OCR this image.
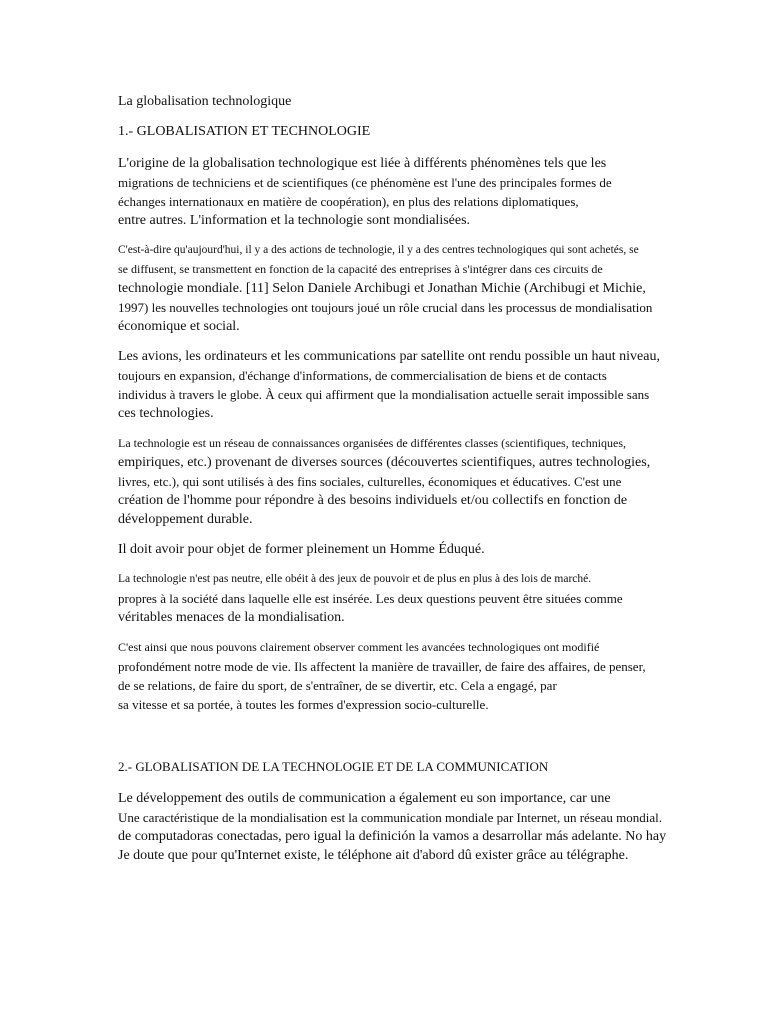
La globalisation technologique
1.- GLOBALISATION ET TECHNOLOGIE
L'origine de la globalisation technologique est liée à différents phénomènes tels que les
migrations de techniciens et de scientifiques (ce phénomène est l'une des principales formes de
échanges internationaux en matière de coopération), en plus des relations diplomatiques,
entre autres. L'information et la technologie sont mondialisées.
C'est-à-dire qu'aujourd'hui, il y a des actions de technologie, il y a des centres technologiques qui sont achetés, se
se diffusent, se transmettent en fonction de la capacité des entreprises à s'intégrer dans ces circuits de
technologie mondiale. [11] Selon Daniele Archibugi et Jonathan Michie (Archibugi et Michie,
1997) les nouvelles technologies ont toujours joué un rôle crucial dans les processus de mondialisation
économique et social.
Les avions, les ordinateurs et les communications par satellite ont rendu possible un haut niveau,
toujours en expansion, d'échange d'informations, de commercialisation de biens et de contacts
individus à travers le globe. À ceux qui affirment que la mondialisation actuelle serait impossible sans
ces technologies.
La technologie est un réseau de connaissances organisées de différentes classes (scientifiques, techniques,
empiriques, etc.) provenant de diverses sources (découvertes scientifiques, autres technologies,
livres, etc.), qui sont utilisés à des fins sociales, culturelles, économiques et éducatives. C'est une
création de l'homme pour répondre à des besoins individuels et/ou collectifs en fonction de
développement durable.
Il doit avoir pour objet de former pleinement un Homme Éduqué.
La technologie n'est pas neutre, elle obéit à des jeux de pouvoir et de plus en plus à des lois de marché.
propres à la société dans laquelle elle est insérée. Les deux questions peuvent être situées comme
véritables menaces de la mondialisation.
C'est ainsi que nous pouvons clairement observer comment les avancées technologiques ont modifié
profondément notre mode de vie. Ils affectent la manière de travailler, de faire des affaires, de penser,
de se relations, de faire du sport, de s'entraîner, de se divertir, etc. Cela a engagé, par
sa vitesse et sa portée, à toutes les formes d'expression socio-culturelle.
2.- GLOBALISATION DE LA TECHNOLOGIE ET DE LA COMMUNICATION
Le développement des outils de communication a également eu son importance, car une
Une caractéristique de la mondialisation est la communication mondiale par Internet, un réseau mondial.
de computadoras conectadas, pero igual la definición la vamos a desarrollar más adelante. No hay
Je doute que pour qu'Internet existe, le téléphone ait d'abord dû exister grâce au télégraphe.
